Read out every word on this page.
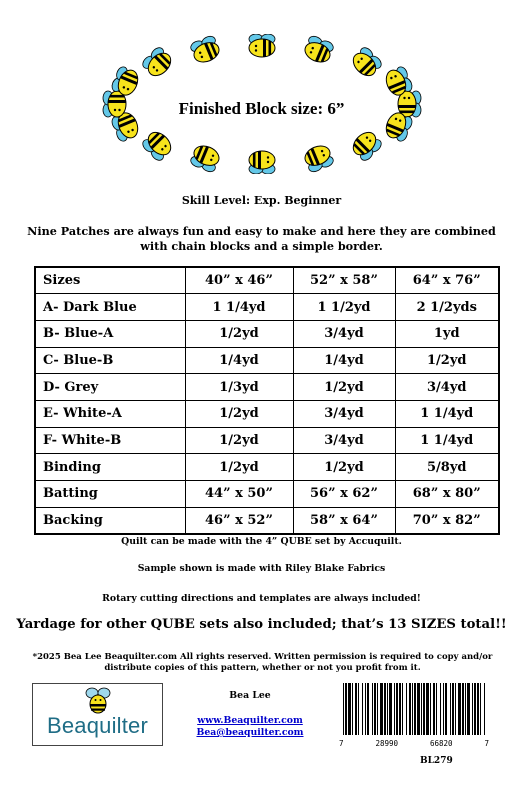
Finished Block size: 6”
Skill Level: Exp. Beginner
Nine Patches are always fun and easy to make and here they are combined with chain blocks and a simple border.
Sizes	40” x 46”	52” x 58”	64” x 76”
A- Dark Blue	1 1/4yd	1 1/2yd	2 1/2yds
B- Blue-A	1/2yd	3/4yd	1yd
C- Blue-B	1/4yd	1/4yd	1/2yd
D- Grey	1/3yd	1/2yd	3/4yd
E- White-A	1/2yd	3/4yd	1 1/4yd
F- White-B	1/2yd	3/4yd	1 1/4yd
Binding	1/2yd	1/2yd	5/8yd
Batting	44” x 50”	56” x 62”	68” x 80”
Backing	46” x 52”	58” x 64”	70” x 82”
Quilt can be made with the 4” QUBE set by Accuquilt.
Sample shown is made with Riley Blake Fabrics
Rotary cutting directions and templates are always included!
Yardage for other QUBE sets also included; that’s 13 SIZES total!!
*2025 Bea Lee Beaquilter.com All rights reserved. Written permission is required to copy and/or distribute copies of this pattern, whether or not you profit from it.
Beaquilter
Bea Lee
www.Beaquilter.com
Bea@beaquilter.com
7	28990	66820	7
BL279
